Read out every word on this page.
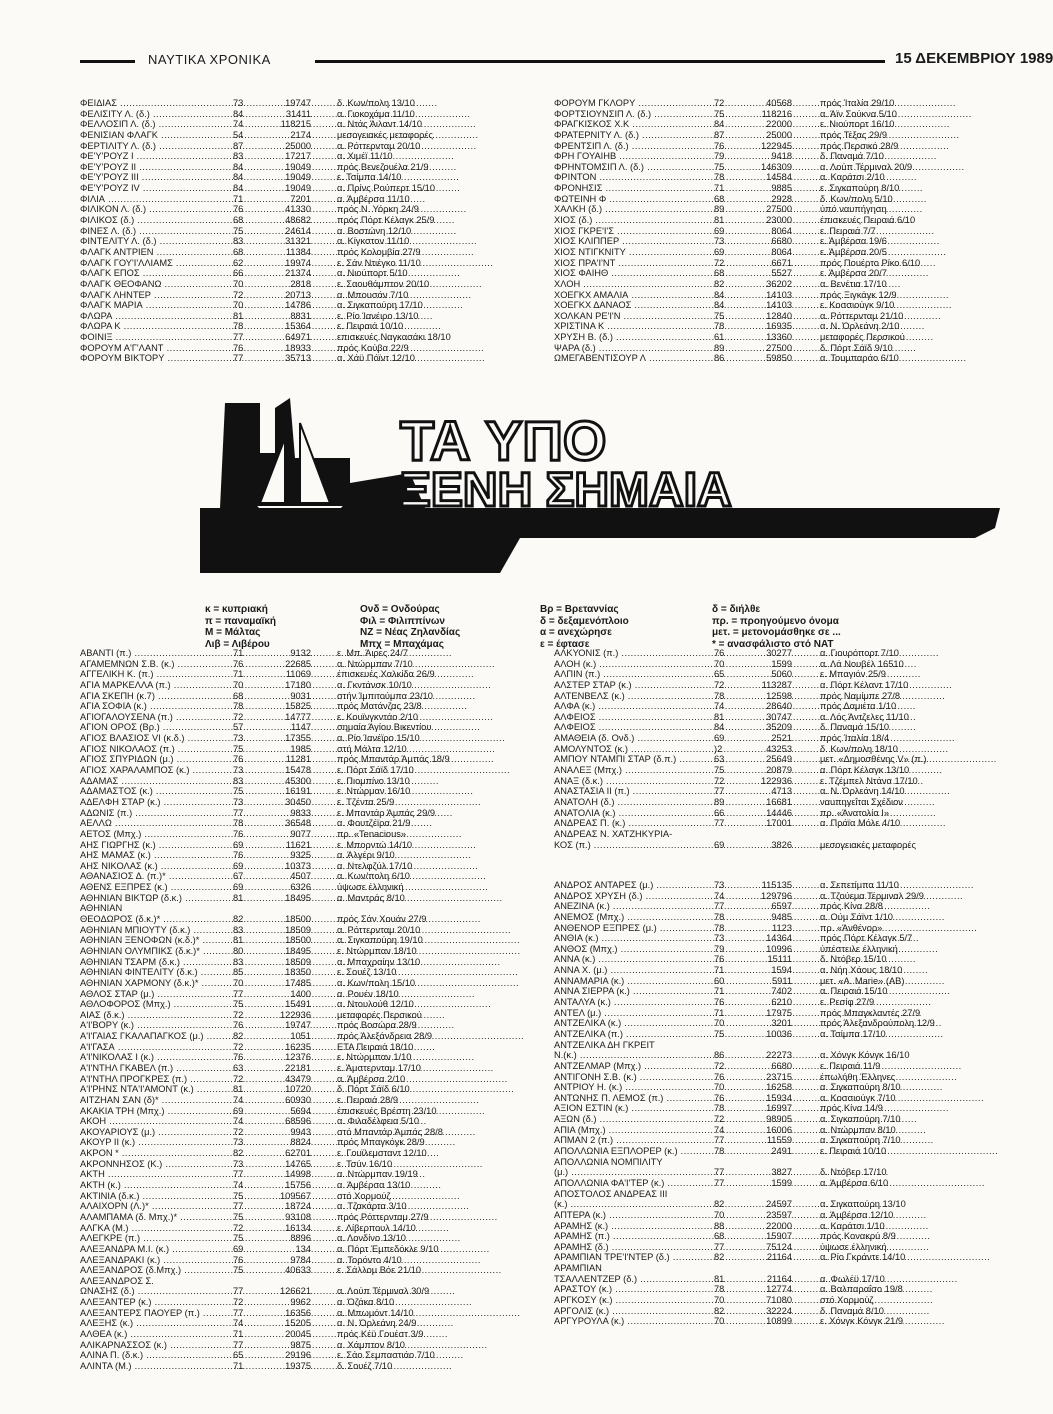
ΝΑΥΤΙΚΑ ΧΡΟΝΙΚΑ	15 ΔΕΚΕΜΒΡΙΟΥ 1989
ΦΕΙΔΙΑΣ .....	73	19747	δ. Κων/πολη 13/10
ΦΕΛΙΣΙΤΥ Λ. (δ.) .....	84	31411	α. Γιοκοχάμα 11/10
ΦΕΛΛΟΣΙΠ Λ. (δ.) .....	74	118215	α. Ντάς Άιλαντ 14/10
ΦΕΝΙΣΙΑΝ ΦΛΑΓΚ .....	54	2174	μεσογειακές μεταφορές
ΦΕΡΤΙΛΙΤΥ Λ. (δ.) .....	87	25000	α. Ρόττερνταμ 20/10
ΦΕ'Υ'ΡΟΥΖ Ι .....	83	17217	α. Χιμέϊ 11/10
ΦΕ'Υ'ΡΟΥΖ ΙΙ .....	84	19049	πρός Βενεζουέλα 21/9
ΦΕ'Υ'ΡΟΥΖ ΙΙΙ .....	84	19049	ε. Τσίμπα 14/10
ΦΕ'Υ'ΡΟΥΖ ΙV .....	84	19049	α. Πρίνς Ρούπερτ 15/10
ΦΙΛΙΑ .....	71	7201	α. Άμβέρσα 11/10
ΦΙΛΙΚΟΝ Λ. (δ.) .....	76	41330	πρός Ν. Υόρκη 24/9
ΦΙΛΙΚΟΣ (δ.) .....	68	48682	πρός Πόρτ Κέλαγκ 25/9
ΦΙΝΕΣ Λ. (δ.) .....	75	24614	α. Βοστώνη 12/10
ΦΙΝΤΕΛΙΤΥ Λ. (δ.) .....	83	31321	α. Κίγκστον 11/10
ΦΛΑΓΚ ΑΝΤΡΙΕΝ .....	68	11384	πρός Κολομβία 27/9
ΦΛΑΓΚ ΓΟΥ'Ι'ΛΛΙΑΜΣ .....	62	19974	ε. Σάν Ντιέγκο 11/10
ΦΛΑΓΚ ΕΠΟΣ .....	66	21374	α. Νιούπορτ 5/10
ΦΛΑΓΚ ΘΕΟΦΑΝΩ .....	70	2818	ε. Σαουθάμπτον 20/10
ΦΛΑΓΚ ΛΗΝΤΕΡ .....	72	20713	α. Μπουσάν 7/10
ΦΛΑΓΚ ΜΑΡΙΑ .....	70	14786	α. Σιγκαπούρη 17/10
ΦΛΩΡΑ .....	81	8831	ε. Ρίο Ίανέιρο 13/10
ΦΛΩΡΑ Κ .....	78	15364	ε. Πειραιά 10/10
ΦΟΙΝΙΞ .....	77	64971	επισκευές Ναγκασάκι 18/10
ΦΟΡΟΥΜ Α'Γ'ΛΑΝΤ .....	76	18933	πρός Κούβα 22/9
ΦΟΡΟΥΜ ΒΙΚΤΟΡΥ .....	77	35713	α. Χάϋ Πόϊντ 12/10
ΦΟΡΟΥΜ ΓΚΛΟΡΥ .....	72	40568	πρός Ίταλία 29/10
ΦΟΡΤΣΙΟΥΝΣΙΠ Λ. (δ.) .....	75	118216	α. Άϊν Σούκνα 5/10
ΦΡΑΓΚΙΣΚΟΣ Χ.Κ .....	84	22000	ε. Νιούπορτ 16/10
ΦΡΑΤΕΡΝΙΤΥ Λ. (δ.) .....	87	25000	πρός Τέξας 29/9
ΦΡΕΝΤΣΙΠ Λ. (δ.) .....	76	122945	πρός Περσικό 28/9
ΦΡΗ ΓΟΥΑΙΗΒ .....	79	9418	δ. Παναμά 7/10
ΦΡΗΝΤΟΜΣΙΠ Λ. (δ.) .....	75	146309	α. Λούπ Τέρμιναλ 20/9
ΦΡΙΝΤΟΝ .....	78	14584	α. Καράτσι 2/10
ΦΡΟΝΗΣΙΣ .....	71	9885	ε. Σιγκαπούρη 8/10
ΦΩΤΕΙΝΗ Φ .....	68	2928	δ. Κων/πολη 5/10
ΧΑΛΚΗ (δ.) .....	89	27500	ύπό ναυπήγηση
ΧΙΟΣ (δ.) .....	81	23000	έπισκευές Πειραιά 6/10
ΧΙΟΣ ΓΚΡΕ'Ι'Σ .....	69	8064	ε. Πειραιά 7/7
ΧΙΟΣ ΚΛΙΠΠΕΡ .....	73	6680	ε. Άμβέρσα 19/6
ΧΙΟΣ ΝΤΙΓΚΝΙΤΥ .....	69	8064	ε. Άμβέρσα 20/5
ΧΙΟΣ ΠΡΑ'Ι'ΝΤ .....	72	6671	πρός Πουέρτο Ρίκο 6/10
ΧΙΟΣ ΦΑΙΗΘ .....	68	5527	ε. Άμβέρσα 20/7
ΧΛΟΗ .....	82	36202	α. Βενέτια 17/10
ΧΟΕΓΚΧ ΑΜΑΛΙΑ .....	84	14103	πρός Ξιγκάγκ 12/9
ΧΟΕΓΚΧ ΔΑΝΑΟΣ .....	84	14103	ε. Κοσσιούγκ 9/10
ΧΟΛΚΑΝ ΡΕ'Ι'Ν .....	75	12840	α. Ρόττερνταμ 21/10
ΧΡΙΣΤΙΝΑ Κ .....	78	16935	α. Ν. Όρλεάνη 2/10
ΧΡΥΣΗ Β. (δ.) .....	61	13360	μεταφορές Περσικού
ΨΑΡΑ (δ.) .....	89	27500	δ. Πόρτ Σάϊδ 9/10
ΩΜΕΓΑΒΕΝΤΙΣΟΥΡ Λ .....	86	59850	α. Τουμπαράο 6/10
ΤΑ ΥΠΟ
ΞΕΝΗ ΣΗΜΑΙΑ
κ = κυπριακή
π = παναμαϊκή
Μ = Μάλτας
Λιβ = Λιβέρου
Ονδ = Ονδούρας
Φιλ = Φιλιππίνων
ΝΖ = Νέας Ζηλανδίας
Μπχ = Μπαχάμας
Βρ = Βρεταννίας
δ = δεξαμενόπλοιο
α = ανεχώρησε
ε = έφτασε
δ = διήλθε
πρ. = προηγούμενο όνομα
μετ. = μετονομάσθηκε σε ...
* = ανασφάλιστο στό ΝΑΤ
ΑΒΑΝΤΙ (π.) .....	71	9132	ε. Μπ. Άιρες 24/7
ΑΓΑΜΕΜΝΩΝ Σ.Β. (κ.) .....	76	22685	α. Ντώρμπαν 7/10
ΑΓΓΕΛΙΚΗ Κ. (π.) .....	71	11069	έπισκευές Χαλκίδα 26/9
ΑΓΙΑ ΜΑΡΚΕΛΛΑ (π.) .....	70	17180	α. Γκντάνσκ 10/10
ΑΓΙΑ ΣΚΕΠΗ (κ.7) .....	68	9031	στήν Ίμπιτούμπα 23/10
ΑΓΙΑ ΣΟΦΙΑ (κ.) .....	78	15825	πρός Ματάνζας 23/8
ΑΓΙΟΓΑΛΟΥΣΕΝΑ (π.) .....	72	14777	ε. Κουϊνγκντάο 2/10
ΑΓΙΟΝ ΟΡΟΣ (Βρ.) .....	57	1147	σημαία Άγίου Βικεντίου
ΑΓΙΟΣ ΒΛΑΣΙΟΣ VI (κ.δ.) .....	73	17355	α. Ρίο Ίανέϊρο 15/10
ΑΓΙΟΣ ΝΙΚΟΛΑΟΣ (π.) .....	75	1985	στή Μάλτα 12/10
ΑΓΙΟΣ ΣΠΥΡΙΔΩΝ (μ.) .....	76	11281	πρός Μπαντάρ Άμπάς 18/9
ΑΓΙΟΣ ΧΑΡΑΛΑΜΠΟΣ (κ.) .....	73	15478	ε. Πόρτ Σάϊδ 17/10
ΑΔΑΜΑΣ .....	83	45300	ε. Πιομπίνο 13/10
ΑΔΑΜΑΣΤΟΣ (κ.) .....	75	16191	ε. Ντώρμαν 16/10
ΑΔΕΛΦΗ ΣΤΑΡ (κ.) .....	73	30450	ε. Τζέντα 25/9
ΑΔΩΝΙΣ (π.) .....	77	9833	ε. Μπαντάρ Άμπάς 29/9
ΑΕΛΛΩ .....	78	36548	α. Φουτζέϊρα 21/9
ΑΕΤΟΣ (Μπχ.) .....	76	9077	πρ. «Tenacious»
ΑΗΣ ΓΙΩΡΓΗΣ (κ.) .....	69	11621	ε. Μπορντώ 14/10
ΑΗΣ ΜΑΜΑΣ (κ.) .....	76	9325	α. Άλγέρι 9/10
ΑΗΣ ΝΙΚΟΛΑΣ (κ.) .....	69	10373	α. Ντελφζύλ 17/10
ΑΘΑΝΑΣΙΟΣ Δ. (π.)* .....	67	4507	α. Κων/πολη 6/10
ΑΘΕΝΣ ΕΞΠΡΕΣ (κ.) .....	69	6326	ύψωσε έλληνική
ΑΘΗΝΙΑΝ ΒΙΚΤΩΡ (δ.κ.) .....	81	18495	α. Μαντράς 8/10
ΑΘΗΝΙΑΝ
ΘΕΟΔΩΡΟΣ (δ.κ.)* .....	82	18500	πρός Σάν Χουάν 27/9
ΑΘΗΝΙΑΝ ΜΠΙΟΥΤΥ (δ.κ.) .....	83	18509	α. Ρόττερνταμ 20/10
ΑΘΗΝΙΑΝ ΞΕΝΟΦΩΝ (κ.δ.)* .....	81	18500	α. Σιγκαπούρη 19/10
ΑΘΗΝΙΑΝ ΟΛΥΜΠΙΚΣ (δ.κ.)* .....	80	18495	ε. Ντώρμπαν 18/10
ΑΘΗΝΙΑΝ ΤΣΑΡΜ (δ.κ.) .....	83	18509	α. Μπαχραίην 13/10
ΑΘΗΝΙΑΝ ΦΙΝΤΕΛΙΤΥ (δ.κ.) .....	85	18350	ε. Σουέζ 13/10
ΑΘΗΝΙΑΝ ΧΑΡΜΟΝΥ (δ.κ.)* .....	70	17485	α. Κων/πολη 15/10
ΑΘΛΟΣ ΣΤΑΡ (μ.) .....	77	1400	α. Ρουέν 18/10
ΑΘΛΟΦΟΡΟΣ (Μπχ.) .....	75	15491	α. Ντουλούθ 12/10
ΑΙΑΣ (δ.κ.) .....	72	122936	μεταφορές Περσικού
Α'Ι'ΒΟΡΥ (κ.) .....	76	19747	πρός Βοσώρα 28/9
Α'Ι'ΓΑΙΑΣ ΓΚΑΛΑΠΑΓΚΟΣ (μ.) .....	82	1051	πρός Άλεξάνδρεια 28/9
Α'Ι'ΓΑΣΑ .....	72	16235	ΕΤΑ Πειραιά 18/10
Α'Ι'ΝΙΚΟΛΑΣ Ι (κ.) .....	76	12376	ε. Ντώρμπαν 1/10
Α'Ι'ΝΤΗΛ ΓΚΑΒΕΛ (π.) .....	63	22181	ε. Άμστερνταμ 17/10
Α'Ι'ΝΤΗΛ ΠΡΟΓΚΡΕΣ (π.) .....	72	43479	α. Άμβέρσα 2/10
Α'Ι'ΡΗΝΣ ΝΤΑ'Ι'ΑΜΟΝΤ (κ.) .....	81	10720	δ. Πόρτ Σάϊδ 6/10
ΑΙΤΖΗΑΝ ΣΑΝ (δ)* .....	74	60930	ε. Πειραιά 28/9
ΑΚΑΚΙΑ ΤΡΗ (Μπχ.) .....	69	5694	έπισκευές Βρέστη 23/10
ΑΚΟΗ .....	74	68596	α. Φιλαδέλφεια 5/10
ΑΚΟΥΑΡΙΟΥΣ (μ.) .....	72	9943	στό Μπαντάρ Άμπάς 28/8
ΑΚΟΥΡ ΙΙ (κ.) .....	73	8824	πρός Μπαγκόγκ 28/9
ΑΚΡΟΝ * .....	82	62701	ε. Γουϊλεμσταντ 12/10
ΑΚΡΟΝΝΗΣΟΣ (Κ.) .....	73	14765	ε. Τσύν 16/10
ΑΚΤΗ .....	77	14998	α. Ντώρμπαν 19/19
ΑΚΤΗ (κ.) .....	74	15756	α. Άμβέρσα 13/10
ΑΚΤΙΝΙΑ (δ.κ.) .....	75	109567	στό Χορμούζ
ΑΛΑΙΧΟΡΝ (Λ.)* .....	77	18724	α. Τζακάρτα 3/10
ΑΛΑΜΠΑΜΑ (δ. Μπχ.)* .....	75	93108	πρός Ρόττερνταμ 27/9
ΑΛΓΚΑ (Μ.) .....	72	16134	ε. Λίβερπουλ 14/10
ΑΛΕΓΚΡΕ (π.) .....	75	8896	α. Λονδίνο 13/10
ΑΛΕΞΑΝΔΡΑ Μ.Ι. (κ.) .....	69	134	α. Πόρτ Έμπεδόκλε 9/10
ΑΛΕΞΑΝΔΡΑΚΙ (κ.) .....	76	9784	α. Τορόντο 4/10
ΑΛΕΞΑΝΔΡΟΣ (δ.Μπχ.) .....	75	40633	ε. Σάλλομ Βόε 21/10
ΑΛΕΞΑΝΔΡΟΣ Σ.
ΩΝΑΣΗΣ (δ.) .....	77	126621	α. Λούπ Τέρμιναλ 30/9
ΑΛΕΞΑΝΤΕΡ (κ.) .....	72	9962	α. Όζάκα 8/10
ΑΛΕΞΑΝΤΕΡΣ ΠΑΟΥΕΡ (π.) .....	77	16356	α. Μπωμόντ 14/10
ΑΛΕΞΗΣ (κ.) .....	74	15205	α. Ν. Όρλεάνη 24/9
ΑΛΘΕΑ (κ.) .....	71	20045	πρός Κέϋ Γουέστ 3/9
ΑΛΙΚΑΡΝΑΣΣΟΣ (κ.) .....	77	9875	α. Χάμπτον 8/10
ΑΛΙΝΑ Π. (δ.κ.) .....	65	29196	ε. Σάο Σεμπαστιάο 7/10
ΑΛΙΝΤΑ (Μ.) .....	71	19375	δ. Σουέζ 7/10
ΑΛΚΥΟΝΙΣ (π.) .....	76	30277	α. Γιουρόπορτ 7/10
ΑΛΟΗ (κ.) .....	70	1599	α. Λά Νουβέλ 16510
ΑΛΠΙΝ (π.) .....	65	5060	ε. Μπαγιόν 25/9
ΑΛΣΤΕΡ ΣΤΑΡ (κ.) .....	72	113287	α. Πόρτ Κέλαντ 17/10
ΑΛΤΕΝΒΕΛΣ (κ.) .....	78	12598	πρός Ναμίμπε 27/8
ΑΛΦΑ (κ.) .....	74	28640	πρός Δαμιέτα 1/10
ΑΛΦΕΙΟΣ .....	81	30747	α. Λός Άντζελες 11/10
ΑΛΦΕΙΟΣ .....	84	35209	δ. Παναμά 15/10
ΑΜΑΘΕΙΑ (δ. Ονδ.) .....	69	2521	πρός Ίταλία 18/4
ΑΜΟΛΥΝΤΟΣ (κ.) .....	)2	43253	δ. Κων/πολη 18/10
ΑΜΠΟΥ ΝΤΑΜΠΙ ΣΤΑΡ (δ.π.) .....	63	25649	μετ. «Δημοσθένης V» (π.)
ΑΝΑΛΕΞ (Μπχ.) .....	75	20879	α. Πόρτ Κέλαγκ 13/10
ΑΝΑΞ (δ.κ.) .....	72	122936	ε. Τζέμπελ Ντάνα 17/10
ΑΝΑΣΤΑΣΙΑ ΙΙ (π.) .....	77	4713	α. Ν. Όρλεάνη 14/10
ΑΝΑΤΟΛΗ (δ.) .....	89	16681	ναυπηγεΐται Σχέδιον
ΑΝΑΤΟΛΙΑ (κ.) .....	66	14446	πρ. «Άνατολία Ι»
ΑΝΔΡΕΑΣ Π. (κ.) .....	77	17001	α. Πράϊα Μόλε 4/10
ΑΝΔΡΕΑΣ Ν. ΧΑΤΖΗΚΥΡΙΑ-
ΚΟΣ (π.) .....	69	3826	μεσογειακές μεταφορές
ΑΝΔΡΟΣ ΑΝΤΑΡΕΣ (μ.) .....	73	115135	α. Σεπετίμπα 11/10
ΑΝΔΡΟΣ ΧΡΥΣΗ (δ.) .....	74	129796	α. Τζούεμα Τέρμιναλ 29/9
ΑΝΕΖΙΝΑ (κ.) .....	77	6597	πρός Κίνα 28/8
ΑΝΕΜΟΣ (Μπχ.) .....	78	9485	α. Ούμ Σάϊντ 1/10
ΑΝΘΕΝΟΡ ΕΞΠΡΕΣ (μ.) .....	78	1123	πρ. «Άνθένορ»
ΑΝΘΙΑ (κ.) .....	73	14364	πρός Πόρτ Κέλαγκ 5/7
ΑΝΘΟΣ (Μπχ.) .....	79	10996	ύπέστειλε έλληνική
ΑΝΝΑ (κ.) .....	76	15111	δ. Ντόβερ 15/10
ΑΝΝΑ Χ. (μ.) .....	71	1594	α. Νήη Χάους 18/10
ΑΝΝΑΜΑΡΙΑ (κ.) .....	60	5911	μετ. «A. Marie» (ΑΒ)
ΑΝΝΑ ΣΙΕΡΡΑ (κ.) .....	71	7402	α. Πειραιά 15/10
ΑΝΤΑΛΥΑ (κ.) .....	76	6210	ε. Ρεσίφ 27/9
ΑΝΤΕΛ (μ.) .....	71	17975	πρός Μπαγκλαντές 27/9
ΑΝΤΖΕΛΙΚΑ (κ.) .....	70	3201	πρός Άλεξανδρούπολη 12/9
ΑΝΤΖΕΛΙΚΑ (π.) .....	75	10036	α. Τσίμπα 17/10
ΑΝΤΖΕΛΙΚΑ ΔΗ ΓΚΡΕΙΤ
Ν.(κ.) .....	86	22273	α. Χόνγκ Κόνγκ 16/10
ΑΝΤΖΕΛΜΑΡ (Μπχ.) .....	72	6680	ε. Πειραιά 11/9
ΑΝΤΙΓΟΝΗ Σ.Β. (κ.) .....	76	23715	έπωλήθη Έλληνες
ΑΝΤΡΙΟΥ Η. (κ.) .....	70	16258	α. Σιγκαπούρη 8/10
ΑΝΤΩΝΗΣ Π. ΛΕΜΟΣ (π.) .....	76	15934	α. Κοσσιούγκ 7/10
ΑΞΙΟΝ ΕΣΤΙΝ (κ.) .....	78	16997	πρός Κίνα 14/9
ΑΞΩΝ (δ.) .....	72	98905	α. Σιγκαπούρη 7/10
ΑΠΙΑ (Μπχ.) .....	74	16006	α. Ντώρμπαν 8/10
ΑΠΜΑΝ 2 (π.) .....	77	11559	α. Σιγκαπούρη 7/10
ΑΠΟΛΛΩΝΙΑ ΕΞΠΛΟΡΕΡ (κ.) .....	78	2491	ε. Πειραιά 10/10
ΑΠΟΛΛΩΝΙΑ ΝΟΜΠΙΛΙΤΥ
(μ.) .....	77	3827	δ. Ντόβερ 17/10
ΑΠΟΛΛΩΝΙΑ ΦΑ'Ι'ΤΕΡ (κ.) .....	77	1599	α. Άμβέρσα 6/10
ΑΠΟΣΤΟΛΟΣ ΑΝΔΡΕΑΣ ΙΙΙ
(κ.) .....	82	24597	α. Σιγκαπούρη 13/10
ΑΠΤΕΡΑ (κ.) .....	70	23597	α. Άμβέρσα 12/10
ΑΡΑΜΗΣ (κ.) .....	88	22000	α. Καράτσι 1/10
ΑΡΑΜΗΣ (π.) .....	68	15907	πρός Κονακρύ 8/9
ΑΡΑΜΗΣ (δ.) .....	77	75124	ύψωσε έλληνική
ΑΡΑΜΠΙΑΝ ΤΡΕ'Ι'ΝΤΕΡ (δ.) .....	82	21164	α. Ρίο Γκράντε 14/10
ΑΡΑΜΠΙΑΝ
ΤΣΑΛΛΕΝΤΖΕΡ (δ.) .....	81	21164	α. Φωλέϋ 17/10
ΑΡΑΣΤΟΥ (κ.) .....	78	12774	α. Βαλπαραΐσο 19/8
ΑΡΓΚΟΣΥ (κ.) .....	70	71080	στό Χορμούζ
ΑΡΓΟΛΙΣ (κ.) .....	82	32224	δ. Παναμά 8/10
ΑΡΓΥΡΟΥΛΑ (κ.) .....	70	10899	ε. Χόνγκ Κόνγκ 21/9
